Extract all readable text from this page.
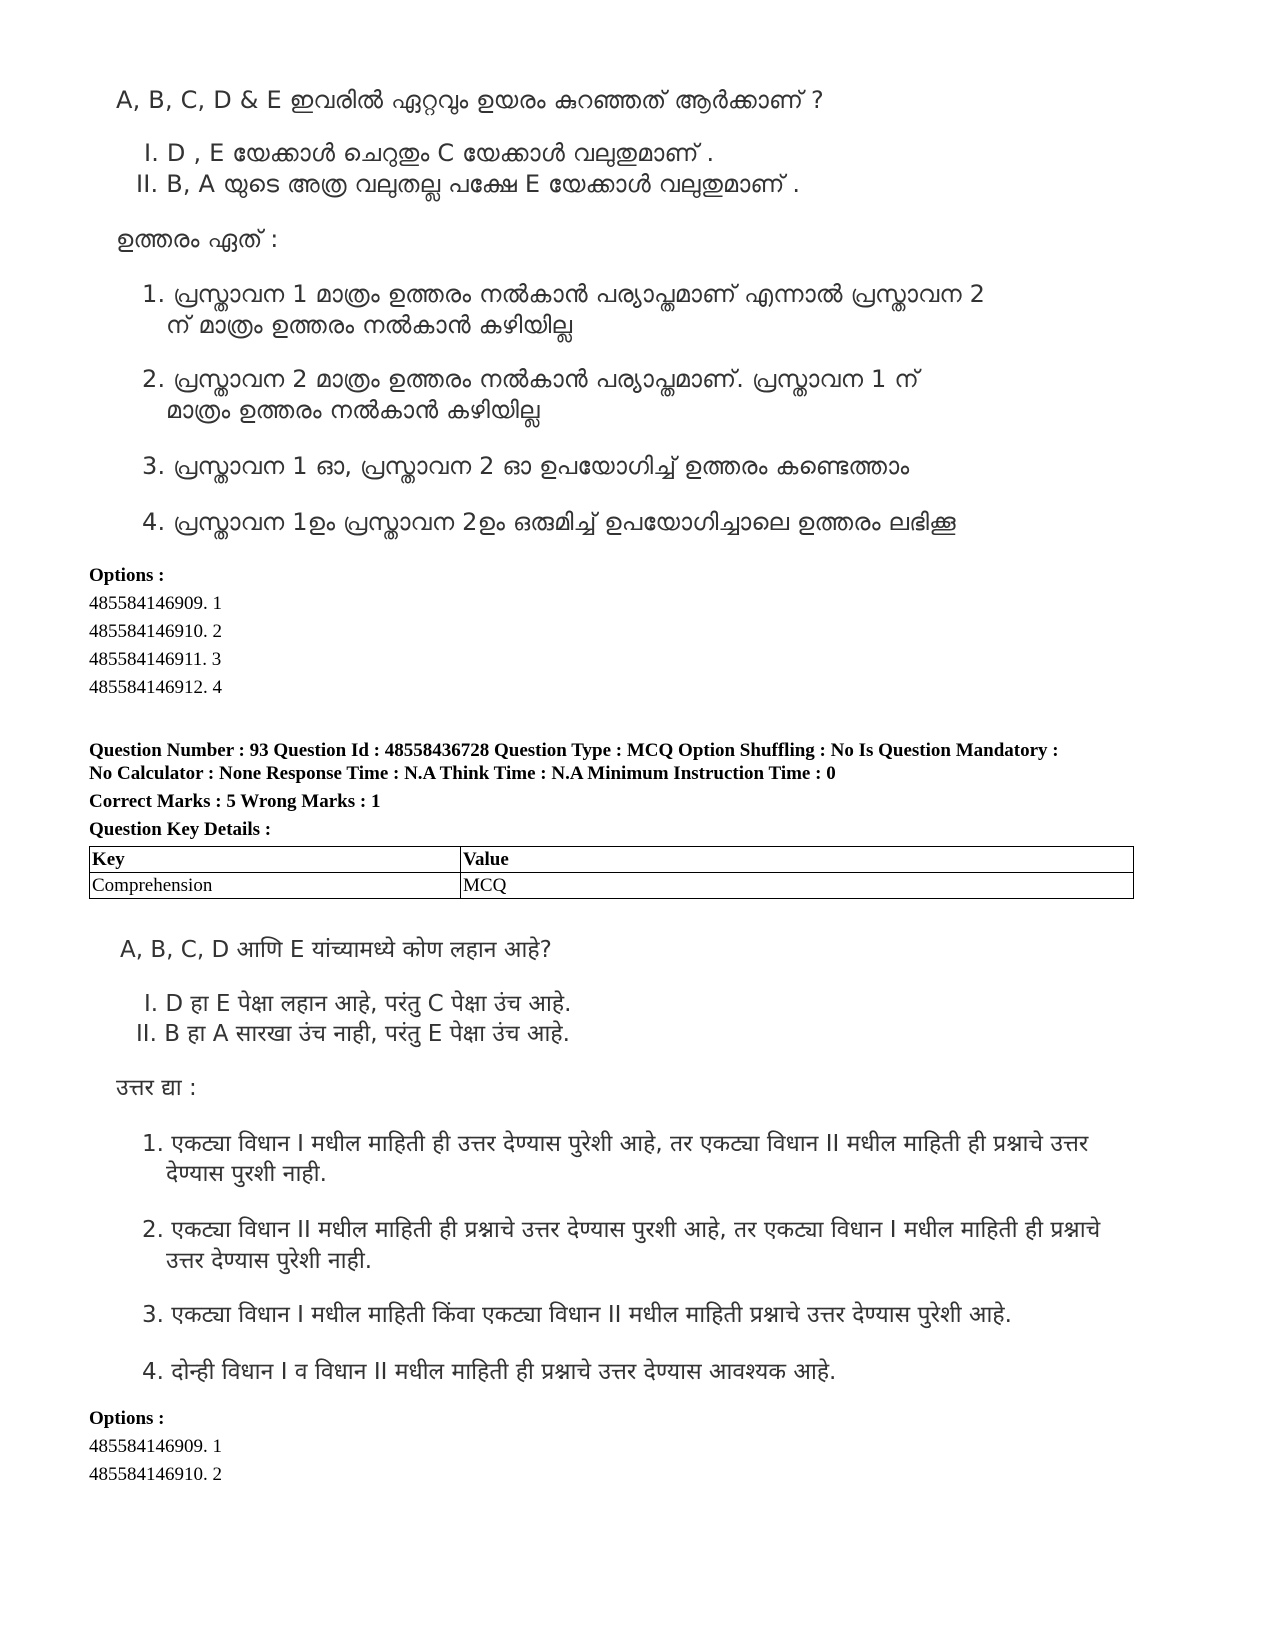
A, B, C, D & E ഇവരിൽ ഏറ്റവും ഉയരം കുറഞ്ഞത് ആർക്കാണ് ?
I. D , E യേക്കാൾ ചെറുതും C യേക്കാൾ വലുതുമാണ് .
II. B, A യുടെ അത്ര വലുതല്ല പക്ഷേ E യേക്കാൾ വലുതുമാണ് .
ഉത്തരം ഏത് :
1. പ്രസ്താവന 1 മാത്രം ഉത്തരം നൽകാൻ പര്യാപ്തമാണ് എന്നാൽ പ്രസ്താവന 2
ന് മാത്രം ഉത്തരം നൽകാൻ കഴിയില്ല
2. പ്രസ്താവന 2 മാത്രം ഉത്തരം നൽകാൻ പര്യാപ്തമാണ്. പ്രസ്താവന 1 ന്
മാത്രം ഉത്തരം നൽകാൻ കഴിയില്ല
3. പ്രസ്താവന 1 ഓ, പ്രസ്താവന 2 ഓ ഉപയോഗിച്ച് ഉത്തരം കണ്ടെത്താം
4. പ്രസ്താവന 1ഉം പ്രസ്താവന 2ഉം ഒരുമിച്ച് ഉപയോഗിച്ചാലെ ഉത്തരം ലഭിക്കൂ
Options :
485584146909. 1
485584146910. 2
485584146911. 3
485584146912. 4
Question Number : 93 Question Id : 48558436728 Question Type : MCQ Option Shuffling : No Is Question Mandatory :
No Calculator : None Response Time : N.A Think Time : N.A Minimum Instruction Time : 0
Correct Marks : 5 Wrong Marks : 1
Question Key Details :
Key	Value
Comprehension	MCQ
A, B, C, D आणि E यांच्यामध्ये कोण लहान आहे?
I. D हा E पेक्षा लहान आहे, परंतु C पेक्षा उंच आहे.
II. B हा A सारखा उंच नाही, परंतु E पेक्षा उंच आहे.
उत्तर द्या :
1. एकट्या विधान I मधील माहिती ही उत्तर देण्यास पुरेशी आहे, तर एकट्या विधान II मधील माहिती ही प्रश्नाचे उत्तर
देण्यास पुरशी नाही.
2. एकट्या विधान II मधील माहिती ही प्रश्नाचे उत्तर देण्यास पुरशी आहे, तर एकट्या विधान I मधील माहिती ही प्रश्नाचे
उत्तर देण्यास पुरेशी नाही.
3. एकट्या विधान I मधील माहिती किंवा एकट्या विधान II मधील माहिती प्रश्नाचे उत्तर देण्यास पुरेशी आहे.
4. दोन्ही विधान I व विधान II मधील माहिती ही प्रश्नाचे उत्तर देण्यास आवश्यक आहे.
Options :
485584146909. 1
485584146910. 2
